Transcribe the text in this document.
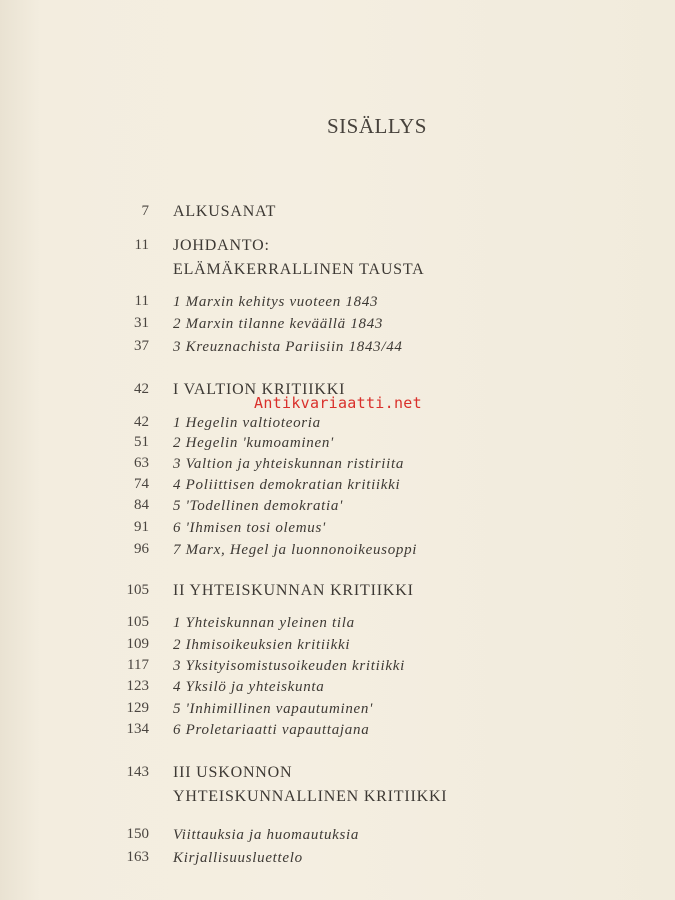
SISÄLLYS
7 ALKUSANAT
11 JOHDANTO:
ELÄMÄKERRALLINEN TAUSTA
11 1 Marxin kehitys vuoteen 1843
31 2 Marxin tilanne keväällä 1843
37 3 Kreuznachista Pariisiin 1843/44
42 I VALTION KRITIIKKI
42 1 Hegelin valtioteoria
51 2 Hegelin 'kumoaminen'
63 3 Valtion ja yhteiskunnan ristiriita
74 4 Poliittisen demokratian kritiikki
84 5 'Todellinen demokratia'
91 6 'Ihmisen tosi olemus'
96 7 Marx, Hegel ja luonnonoikeusoppi
105 II YHTEISKUNNAN KRITIIKKI
105 1 Yhteiskunnan yleinen tila
109 2 Ihmisoikeuksien kritiikki
117 3 Yksityisomistusoikeuden kritiikki
123 4 Yksilö ja yhteiskunta
129 5 'Inhimillinen vapautuminen'
134 6 Proletariaatti vapauttajana
143 III USKONNON
YHTEISKUNNALLINEN KRITIIKKI
150 Viittauksia ja huomautuksia
163 Kirjallisuusluettelo
Antikvariaatti.net
